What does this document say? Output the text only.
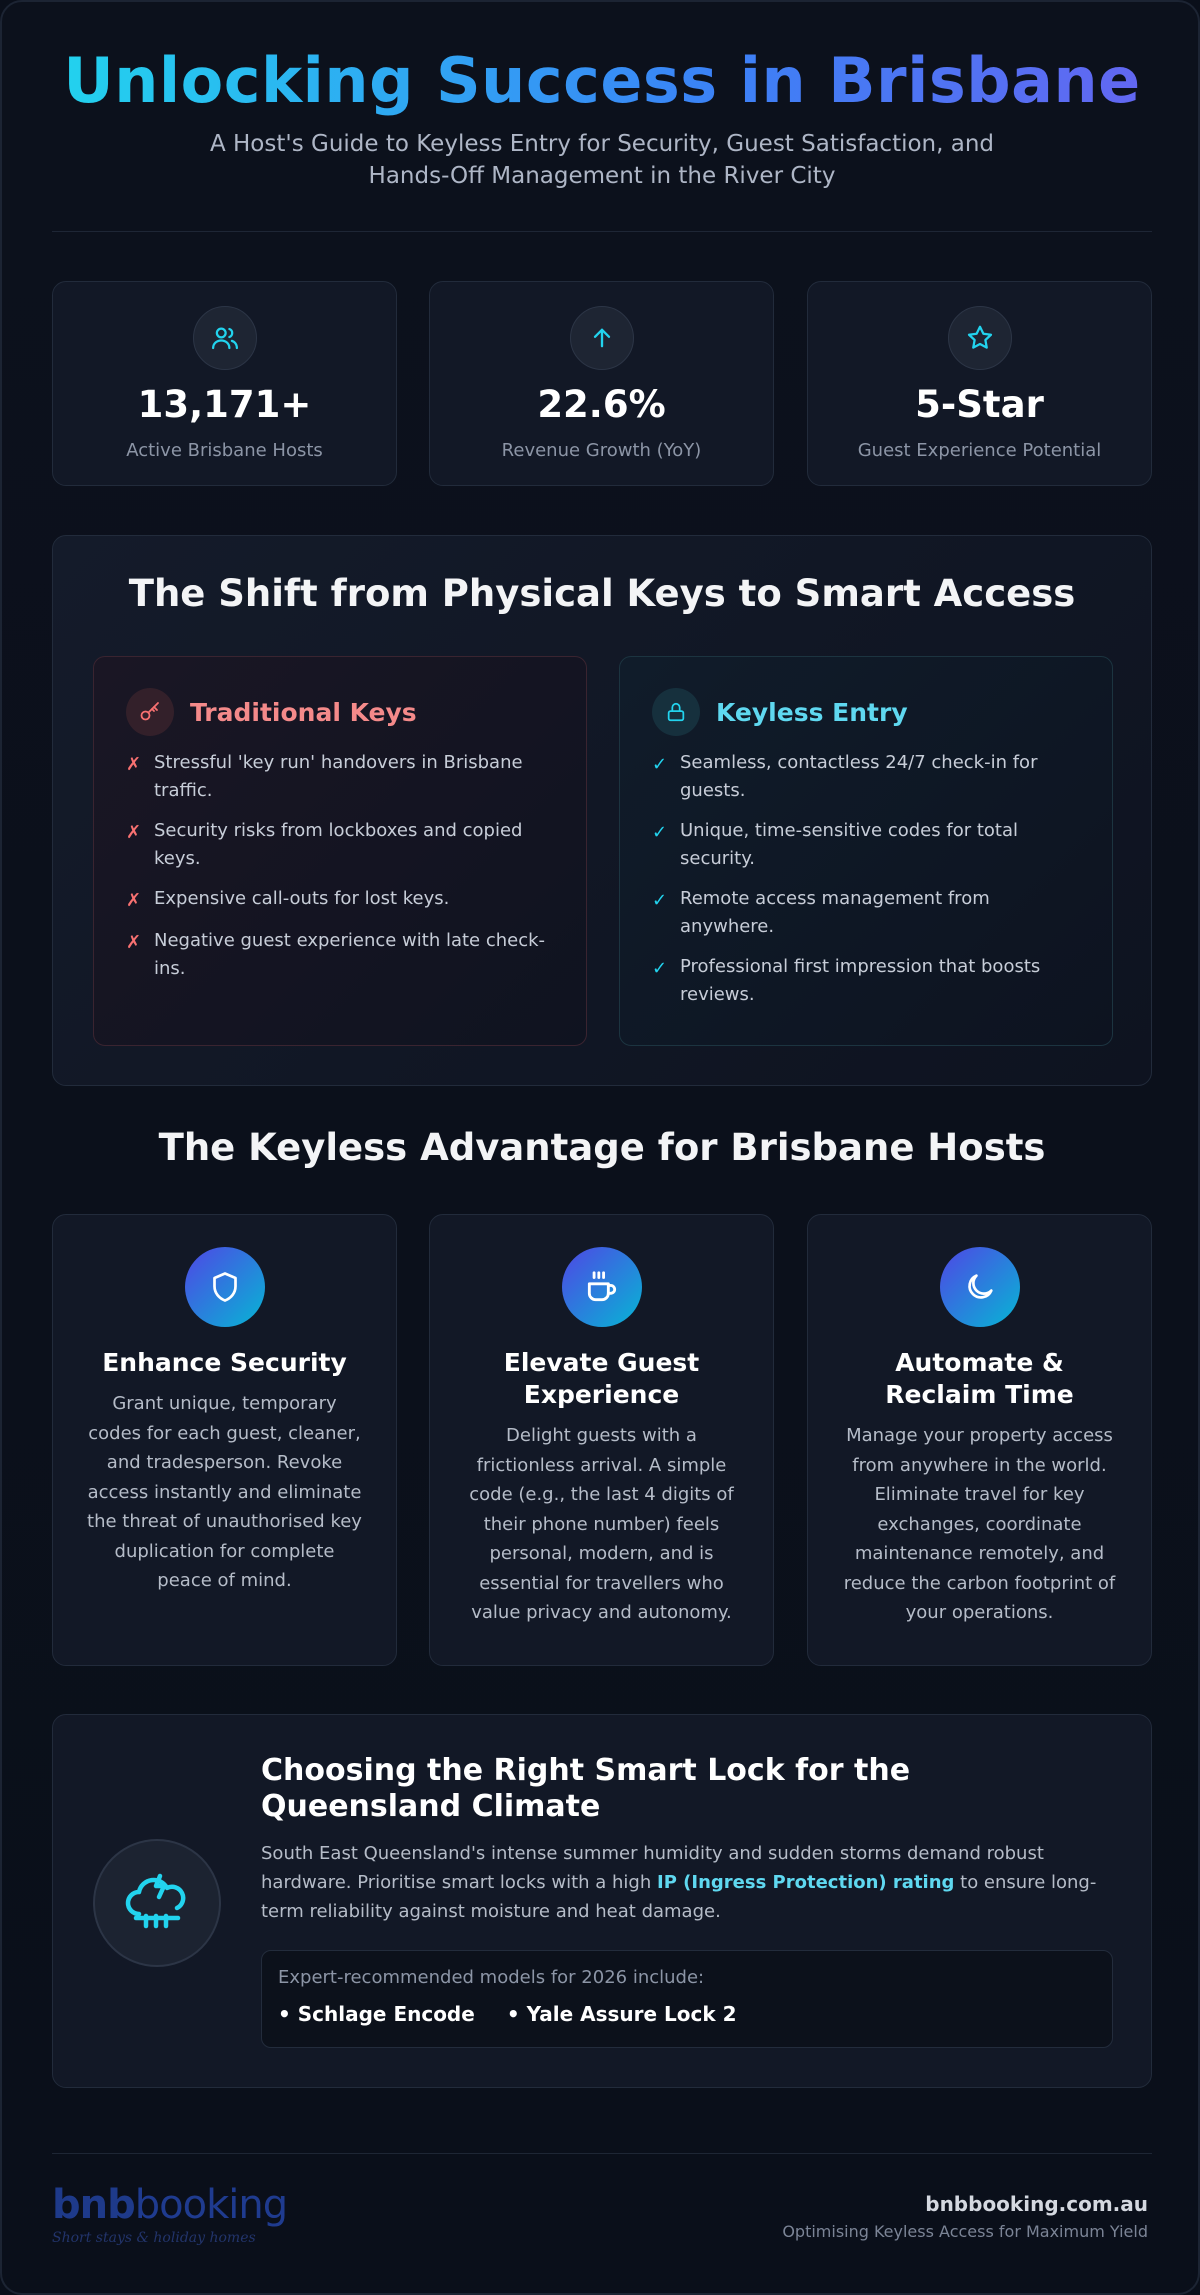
Unlocking Success in Brisbane

A Host's Guide to Keyless Entry for Security, Guest Satisfaction, and Hands-Off Management in the River City

13,171+
Active Brisbane Hosts
22.6%
Revenue Growth (YoY)
5-Star
Guest Experience Potential
The Shift from Physical Keys to Smart Access
Traditional Keys
✗ Stressful 'key run' handovers in Brisbane traffic.
✗ Security risks from lockboxes and copied keys.
✗ Expensive call-outs for lost keys.
✗ Negative guest experience with late check-ins.
Keyless Entry
✓ Seamless, contactless 24/7 check-in for guests.
✓ Unique, time-sensitive codes for total security.
✓ Remote access management from anywhere.
✓ Professional first impression that boosts reviews.
The Keyless Advantage for Brisbane Hosts
Enhance Security
Grant unique, temporary codes for each guest, cleaner, and tradesperson. Revoke access instantly and eliminate the threat of unauthorised key duplication for complete peace of mind.
Elevate Guest Experience
Delight guests with a frictionless arrival. A simple code (e.g., the last 4 digits of their phone number) feels personal, modern, and is essential for travellers who value privacy and autonomy.
Automate & Reclaim Time
Manage your property access from anywhere in the world. Eliminate travel for key exchanges, coordinate maintenance remotely, and reduce the carbon footprint of your operations.
Choosing the Right Smart Lock for the Queensland Climate

South East Queensland's intense summer humidity and sudden storms demand robust hardware. Prioritise smart locks with a high IP (Ingress Protection) rating to ensure long-term reliability against moisture and heat damage.

Expert-recommended models for 2026 include:
• Schlage Encode • Yale Assure Lock 2
bnbbooking
Short stays & holiday homes
bnbbooking.com.au
Optimising Keyless Access for Maximum Yield
